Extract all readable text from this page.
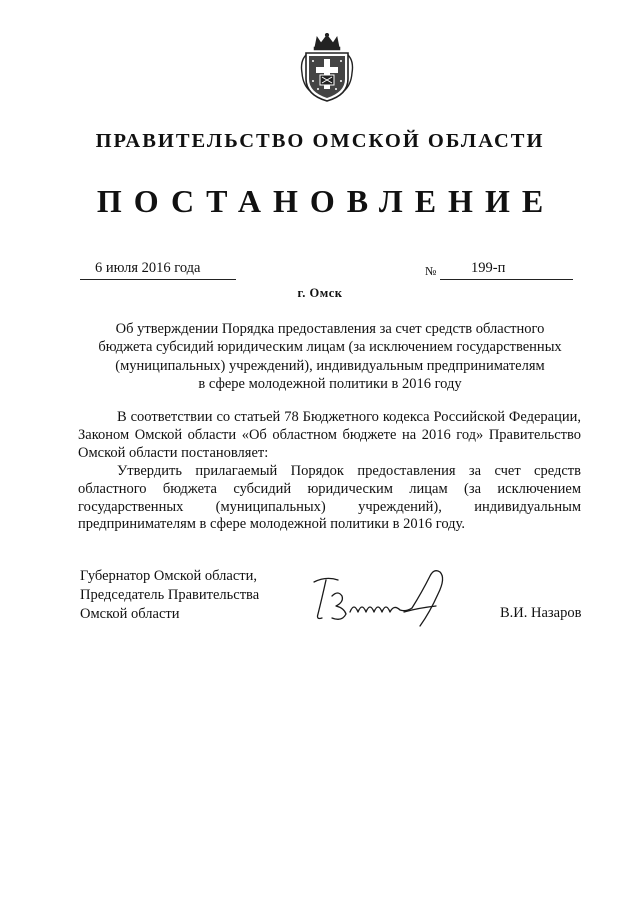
ПРАВИТЕЛЬСТВО ОМСКОЙ ОБЛАСТИ
ПОСТАНОВЛЕНИЕ
6 июля 2016 года	№ 199-п
г. Омск
Об утверждении Порядка предоставления за счет средств областного
бюджета субсидий юридическим лицам (за исключением государственных
(муниципальных) учреждений), индивидуальным предпринимателям
в сфере молодежной политики в 2016 году
В соответствии со статьей 78 Бюджетного кодекса Российской Федерации, Законом Омской области «Об областном бюджете на 2016 год» Правительство Омской области постановляет:
Утвердить прилагаемый Порядок предоставления за счет средств областного бюджета субсидий юридическим лицам (за исключением государственных (муниципальных) учреждений), индивидуальным предпринимателям в сфере молодежной политики в 2016 году.
Губернатор Омской области,
Председатель Правительства
Омской области	В.И. Назаров
